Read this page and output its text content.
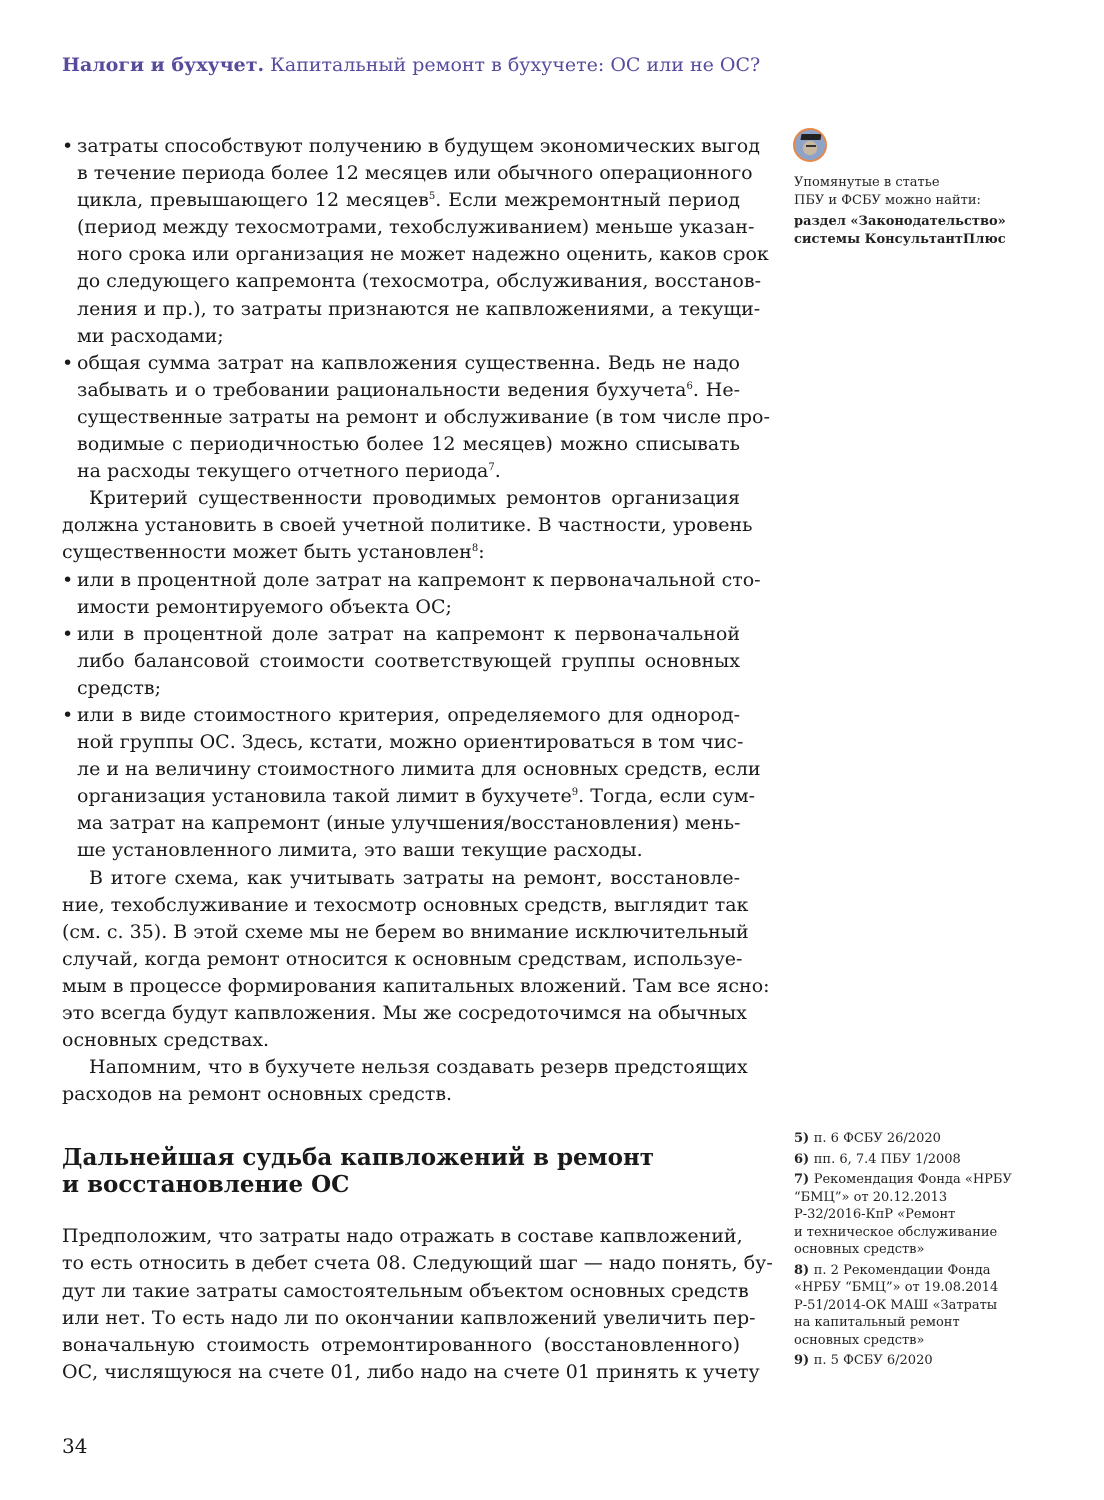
Налоги и бухучет. Капитальный ремонт в бухучете: ОС или не ОС?
• затраты способствуют получению в будущем экономических выгод
в течение периода более 12 месяцев или обычного операционного
цикла, превышающего 12 месяцев$^5$. Если межремонтный период
(период между техосмотрами, техобслуживанием) меньше указан-
ного срока или организация не может надежно оценить, каков срок
до следующего капремонта (техосмотра, обслуживания, восстанов-
ления и пр.), то затраты признаются не капвложениями, а текущи-
ми расходами;
• общая сумма затрат на капвложения существенна. Ведь не надо
забывать и о требовании рациональности ведения бухучета$^6$. Не-
существенные затраты на ремонт и обслуживание (в том числе про-
водимые с периодичностью более 12 месяцев) можно списывать
на расходы текущего отчетного периода$^7$.
Критерий существенности проводимых ремонтов организация
должна установить в своей учетной политике. В частности, уровень
существенности может быть установлен$^8$:
• или в процентной доле затрат на капремонт к первоначальной сто-
имости ремонтируемого объекта ОС;
• или в процентной доле затрат на капремонт к первоначальной
либо балансовой стоимости соответствующей группы основных
средств;
• или в виде стоимостного критерия, определяемого для однород-
ной группы ОС. Здесь, кстати, можно ориентироваться в том чис-
ле и на величину стоимостного лимита для основных средств, если
организация установила такой лимит в бухучете$^9$. Тогда, если сум-
ма затрат на капремонт (иные улучшения/восстановления) мень-
ше установленного лимита, это ваши текущие расходы.
В итоге схема, как учитывать затраты на ремонт, восстановле-
ние, техобслуживание и техосмотр основных средств, выглядит так
(см. с. 35). В этой схеме мы не берем во внимание исключительный
случай, когда ремонт относится к основным средствам, используе-
мым в процессе формирования капитальных вложений. Там все ясно:
это всегда будут капвложения. Мы же сосредоточимся на обычных
основных средствах.
Напомним, что в бухучете нельзя создавать резерв предстоящих
расходов на ремонт основных средств.
Дальнейшая судьба капвложений в ремонт
и восстановление ОС
Предположим, что затраты надо отражать в составе капвложений,
то есть относить в дебет счета 08. Следующий шаг — надо понять, бу-
дут ли такие затраты самостоятельным объектом основных средств
или нет. То есть надо ли по окончании капвложений увеличить пер-
воначальную стоимость отремонтированного (восстановленного)
ОС, числящуюся на счете 01, либо надо на счете 01 принять к учету
Упомянутые в статье
ПБУ и ФСБУ можно найти:
раздел «Законодательство»
системы КонсультантПлюс
5) п. 6 ФСБУ 26/2020
6) пп. 6, 7.4 ПБУ 1/2008
7) Рекомендация Фонда «НРБУ
“БМЦ”» от 20.12.2013
Р-32/2016-КпР «Ремонт
и техническое обслуживание
основных средств»
8) п. 2 Рекомендации Фонда
«НРБУ “БМЦ”» от 19.08.2014
Р-51/2014-ОК МАШ «Затраты
на капитальный ремонт
основных средств»
9) п. 5 ФСБУ 6/2020
34
